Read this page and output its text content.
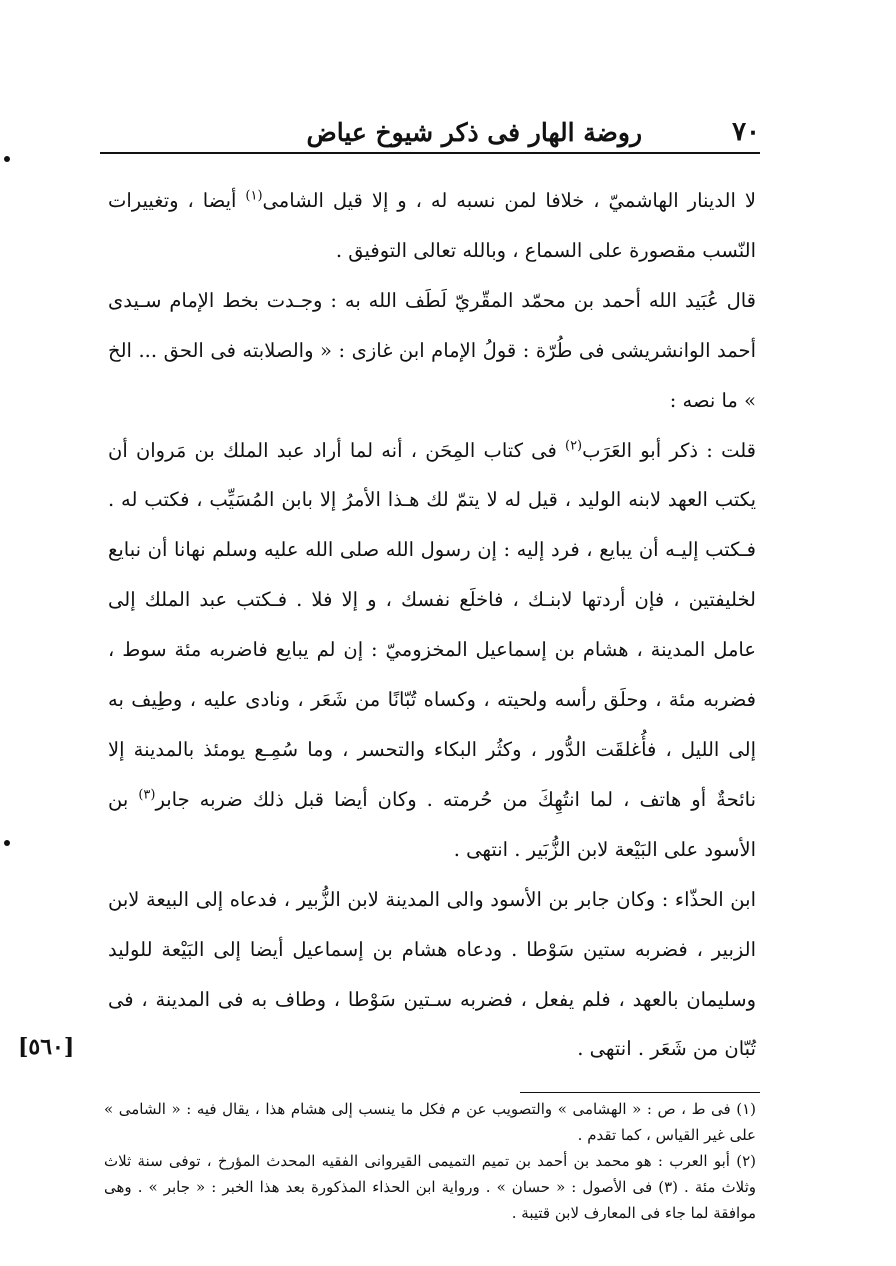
٧٠
روضة الهار فى ذكر شيوخ عياض

لا الدينار الهاشميّ ، خلافا لمن نسبه له ، و إلا قيل الشامى$^{(١)}$ أيضا ، وتغييرات النّسب مقصورة على السماع ، وبالله تعالى التوفيق .

قال عُبَيد الله أحمد بن محمّد المقّريّ لَطَف الله به : وجـدت بخط الإمام سـيدى أحمد الوانشريشى فى طُرّة : قولُ الإمام ابن غازى : « والصلابته فى الحق ... الخ » ما نصه :

قلت : ذكر أبو العَرَب$^{(٢)}$ فى كتاب المِحَن ، أنه لما أراد عبد الملك بن مَروان أن يكتب العهد لابنه الوليد ، قيل له لا يتمّ لك هـذا الأمرُ إلا بابن المُسَيِّب ، فكتب له . فـكتب إليـه أن يبايع ، فرد إليه : إن رسول الله صلى الله عليه وسلم نهانا أن نبايع لخليفتين ، فإن أردتها لابنـك ، فاخلَع نفسك ، و إلا فلا . فـكتب عبد الملك إلى عامل المدينة ، هشام بن إسماعيل المخزوميّ : إن لم يبايع فاضربه مئة سوط ، فضربه مئة ، وحلَق رأسه ولحيته ، وكساه تُبّانًا من شَعَر ، ونادى عليه ، وطِيف به إلى الليل ، فأُغلقَت الدُّور ، وكثُر البكاء والتحسر ، وما سُمِـع يومئذ بالمدينة إلا نائحةٌ أو هاتف ، لما انتُهِكَ من حُرمته . وكان أيضا قبل ذلك ضربه جابر$^{(٣)}$ بن الأسود على البَيْعة لابن الزُّبَير . انتهى .

ابن الحذّاء : وكان جابر بن الأسود والى المدينة لابن الزُّبير ، فدعاه إلى البيعة لابن الزبير ، فضربه ستين سَوْطا . ودعاه هشام بن إسماعيل أيضا إلى البَيْعة للوليد وسليمان بالعهد ، فلم يفعل ، فضربه سـتين سَوْطا ، وطاف به فى المدينة ، فى تُبّان من شَعَر . انتهى .

[٥٦٠]

(١) فى ط ، ص : « الهشامى » والتصويب عن م فكل ما ينسب إلى هشام هذا ، يقال فيه : « الشامى » على غير القياس ، كما تقدم .

(٢) أبو العرب : هو محمد بن أحمد بن تميم التميمى القيروانى الفقيه المحدث المؤرخ ، توفى سنة ثلاث وثلاث مئة . (٣) فى الأصول : « حسان » . ورواية ابن الحذاء المذكورة بعد هذا الخبر : « جابر » . وهى موافقة لما جاء فى المعارف لابن قتيبة .
